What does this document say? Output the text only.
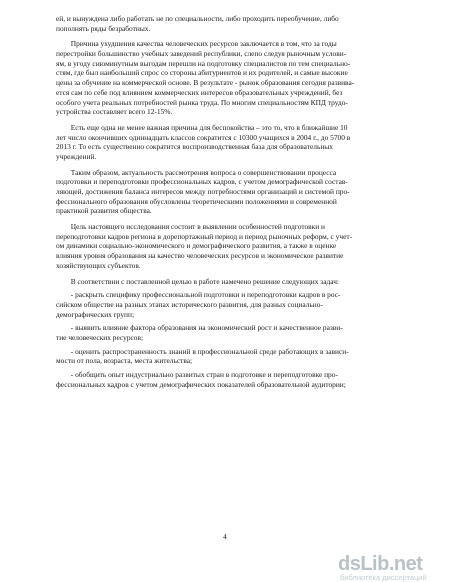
ей, и вынуждена либо работать не по специальности, либо проходить переобучение, либо
пополнять ряды безработных.
Причина ухудшения качества человеческих ресурсов заключается в том, что за годы
перестройки большинство учебных заведений республики, слепо следуя рыночным услови-
ям, в угоду сиюминутным выгодам перешли на подготовку специалистов по тем специально-
стям, где был наибольший спрос со стороны абитуриентов и их родителей, и самые высокие
цены за обучение на коммерческой основе. В результате - рынок образования сегодня развива-
ется сам по себе под влиянием коммерческих интересов образовательных учреждений, без
особого учета реальных потребностей рынка труда. По многим специальностям КПД трудо-
устройства составляет всего 12-15%.
Есть еще одна не менее важная причина для беспокойства – это то, что в ближайшие 10
лет число окончивших одиннадцать классов сократится с 10300 учащихся в 2004 г., до 5700 в
2013 г. То есть существенно сократится воспроизводственная база для образовательных
учреждений.
Таким образом, актуальность рассмотрения вопроса о совершенствовании процесса
подготовки и переподготовки профессиональных кадров, с учетом демографической состав-
ляющей, достижения баланса интересов между потребностями организаций и системой про-
фессионального образования обусловлены теоретическими положениями и современной
практикой развития общества.
Цель настоящего исследования состоит в выявлении особенностей подготовки и
переподготовки кадров региона в дорепортажный период и период рыночных реформ, с учет-
ом динамики социально-экономического и демографического развития, а также в оценке
влияния уровня образования на качество человеческих ресурсов и экономическое развитие
хозяйствующих субъектов.
В соответствии с поставленной целью в работе намечено решение следующих задач:
- раскрыть специфику профессиональной подготовки и переподготовки кадров в рос-
сийском обществе на разных этапах исторического развития, для разных социально-
демографических групп;
- выявить влияние фактора образования на экономический рост и качественное разви-
тие человеческих ресурсов;
- оценить распространенность знаний в профессиональной среде работающих в зависи-
мости от пола, возраста, места жительства;
- обобщить опыт индустриально развитых стран в подготовке и переподготовке про-
фессиональных кадров с учетом демографических показателей образовательной аудитории;
4
dsLib.net
библиотека диссертаций
